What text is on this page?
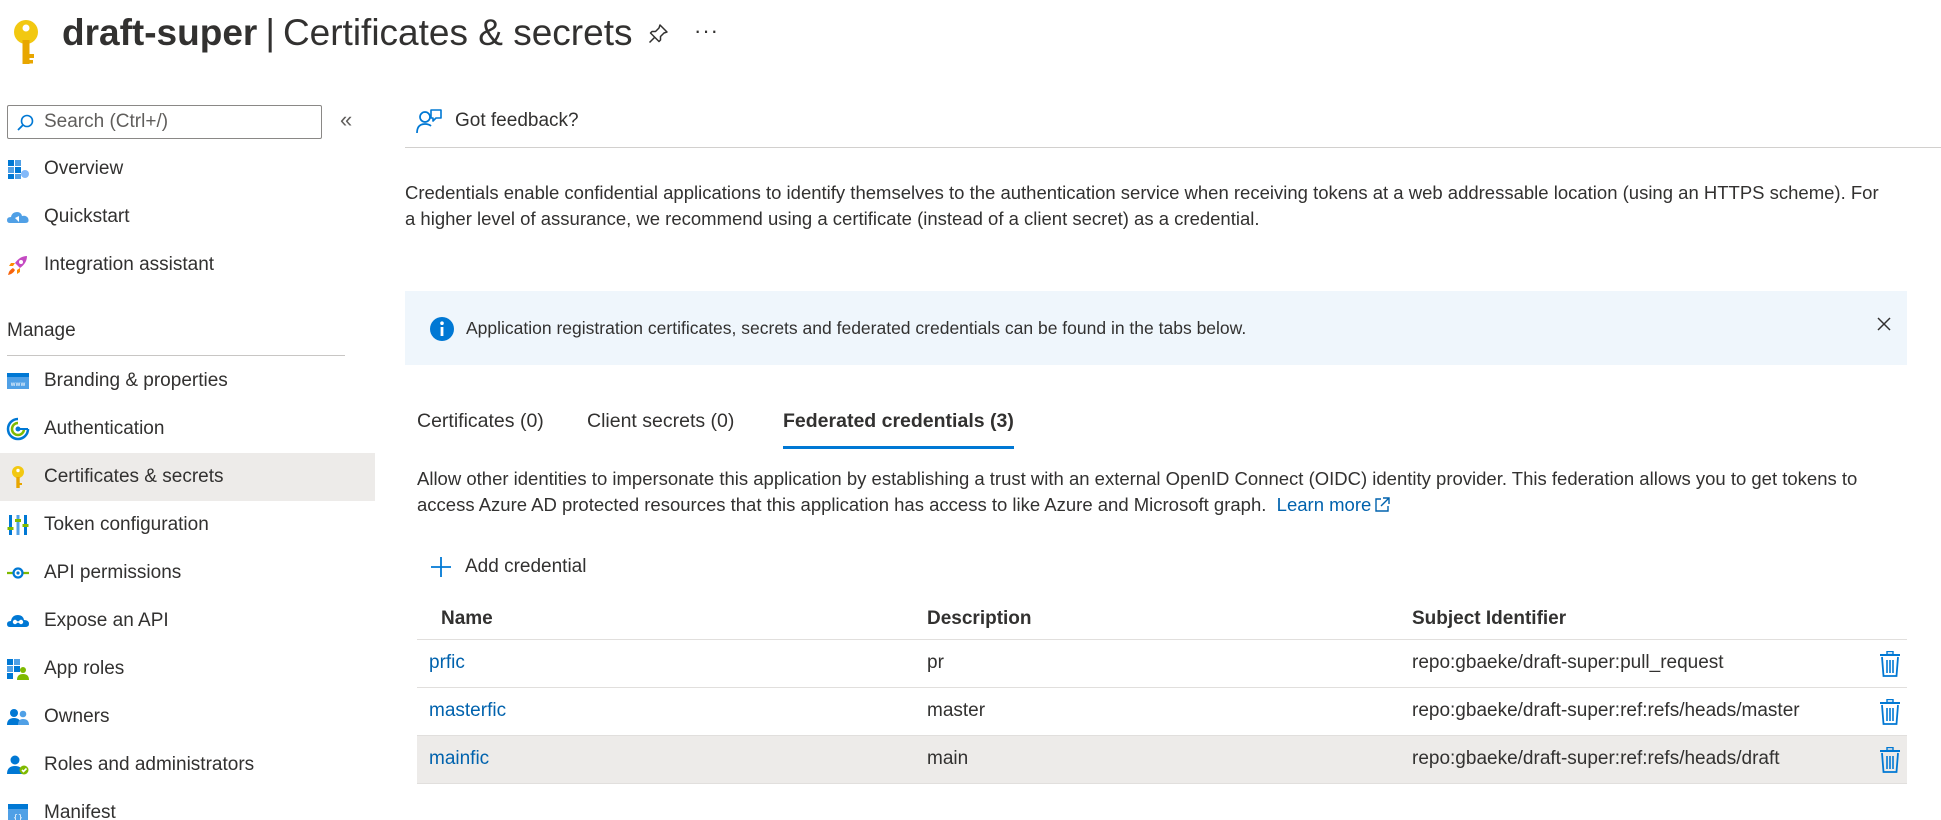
draft-super | Certificates & secrets	···
Search (Ctrl+/)
«
Overview
Quickstart
Integration assistant
Manage
www Branding & properties
Authentication
Certificates & secrets
Token configuration
API permissions
Expose an API
App roles
Owners
Roles and administrators
{} Manifest
Got feedback?

Credentials enable confidential applications to identify themselves to the authentication service when receiving tokens at a web addressable location (using an HTTPS scheme). For a higher level of assurance, we recommend using a certificate (instead of a client secret) as a credential.

Application registration certificates, secrets and federated credentials can be found in the tabs below.
Certificates (0) Client secrets (0) Federated credentials (3)

Allow other identities to impersonate this application by establishing a trust with an external OpenID Connect (OIDC) identity provider. This federation allows you to get tokens to access Azure AD protected resources that this application has access to like Azure and Microsoft graph. Learn more

Add credential
Name	Description	Subject Identifier
prfic	pr	repo:gbaeke/draft-super:pull_request
masterfic	master	repo:gbaeke/draft-super:ref:refs/heads/master
mainfic	main	repo:gbaeke/draft-super:ref:refs/heads/draft
